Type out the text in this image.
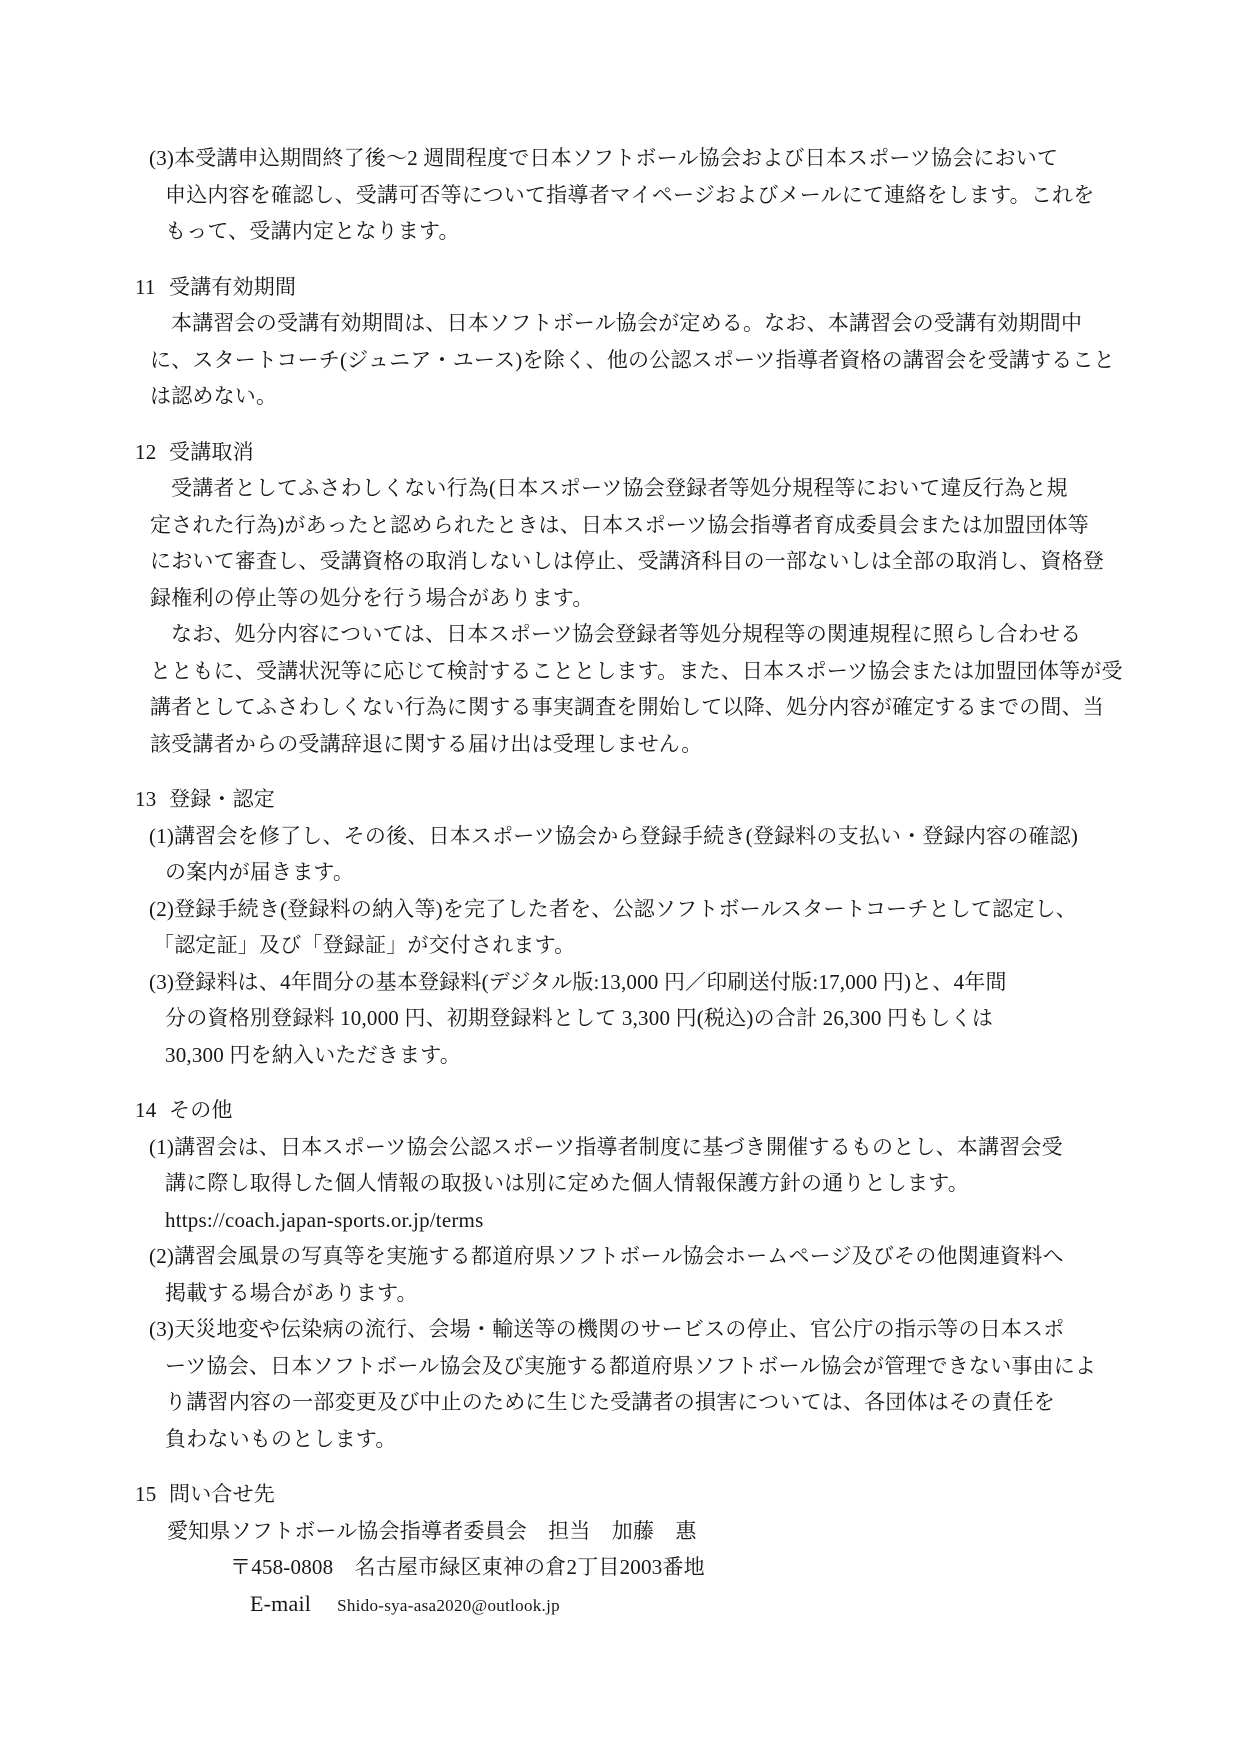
(3)本受講申込期間終了後～2 週間程度で日本ソフトボール協会および日本スポーツ協会において
申込内容を確認し、受講可否等について指導者マイページおよびメールにて連絡をします。これを
もって、受講内定となります。
11 受講有効期間
本講習会の受講有効期間は、日本ソフトボール協会が定める。なお、本講習会の受講有効期間中
に、スタートコーチ(ジュニア・ユース)を除く、他の公認スポーツ指導者資格の講習会を受講すること
は認めない。
12 受講取消
受講者としてふさわしくない行為(日本スポーツ協会登録者等処分規程等において違反行為と規
定された行為)があったと認められたときは、日本スポーツ協会指導者育成委員会または加盟団体等
において審査し、受講資格の取消しないしは停止、受講済科目の一部ないしは全部の取消し、資格登
録権利の停止等の処分を行う場合があります。
なお、処分内容については、日本スポーツ協会登録者等処分規程等の関連規程に照らし合わせる
とともに、受講状況等に応じて検討することとします。また、日本スポーツ協会または加盟団体等が受
講者としてふさわしくない行為に関する事実調査を開始して以降、処分内容が確定するまでの間、当
該受講者からの受講辞退に関する届け出は受理しません。
13 登録・認定
(1)講習会を修了し、その後、日本スポーツ協会から登録手続き(登録料の支払い・登録内容の確認)
の案内が届きます。
(2)登録手続き(登録料の納入等)を完了した者を、公認ソフトボールスタートコーチとして認定し、
「認定証」及び「登録証」が交付されます。
(3)登録料は、4年間分の基本登録料(デジタル版:13,000 円／印刷送付版:17,000 円)と、4年間
分の資格別登録料 10,000 円、初期登録料として 3,300 円(税込)の合計 26,300 円もしくは
30,300 円を納入いただきます。
14 その他
(1)講習会は、日本スポーツ協会公認スポーツ指導者制度に基づき開催するものとし、本講習会受
講に際し取得した個人情報の取扱いは別に定めた個人情報保護方針の通りとします。
https://coach.japan-sports.or.jp/terms
(2)講習会風景の写真等を実施する都道府県ソフトボール協会ホームページ及びその他関連資料へ
掲載する場合があります。
(3)天災地変や伝染病の流行、会場・輸送等の機関のサービスの停止、官公庁の指示等の日本スポ
ーツ協会、日本ソフトボール協会及び実施する都道府県ソフトボール協会が管理できない事由によ
り講習内容の一部変更及び中止のために生じた受講者の損害については、各団体はその責任を
負わないものとします。
15 問い合せ先
愛知県ソフトボール協会指導者委員会　担当　加藤　惠
〒458-0808　名古屋市緑区東神の倉2丁目2003番地
E-mail Shido-sya-asa2020@outlook.jp
